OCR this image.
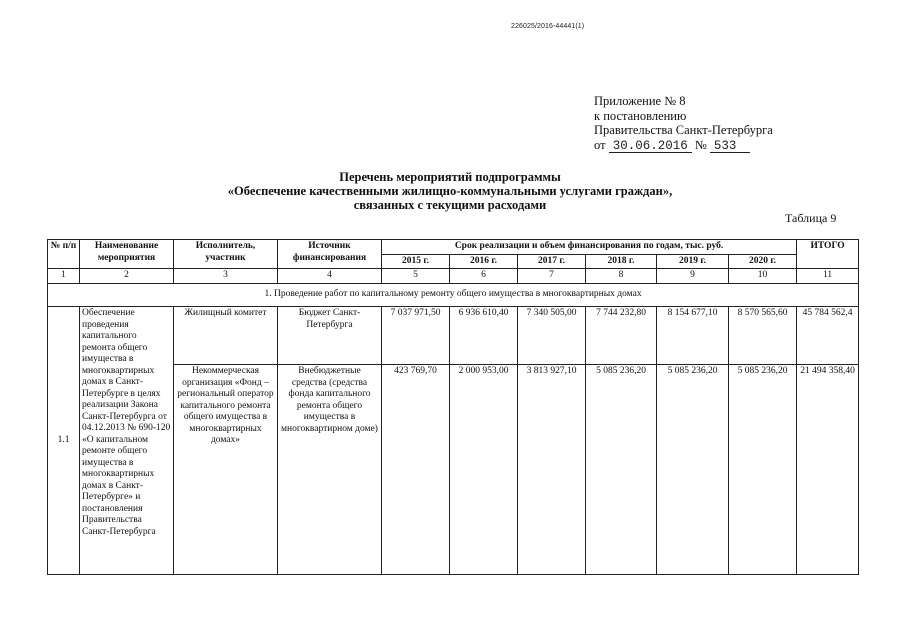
226025/2016-44441(1)
Приложение № 8
к постановлению
Правительства Санкт-Петербурга
от 30.06.2016 № 533
Перечень мероприятий подпрограммы
«Обеспечение качественными жилищно-коммунальными услугами граждан»,
связанных с текущими расходами
Таблица 9
№ п/п	Наименование мероприятия	Исполнитель, участник	Источник финансирования	Срок реализации и объем финансирования по годам, тыс. руб.						ИТОГО
				2015 г.	2016 г.	2017 г.	2018 г.	2019 г.	2020 г.	
1	2	3	4	5	6	7	8	9	10	11
1. Проведение работ по капитальному ремонту общего имущества в многоквартирных домах										
1.1	Обеспечение проведения капитального ремонта общего имущества в многоквартирных домах в Санкт-Петербурге в целях реализации Закона Санкт-Петербурга от 04.12.2013 № 690-120 «О капитальном ремонте общего имущества в многоквартирных домах в Санкт-Петербурге» и постановления Правительства Санкт-Петербурга	Жилищный комитет	Бюджет Санкт-Петербурга	7 037 971,50	6 936 610,40	7 340 505,00	7 744 232,80	8 154 677,10	8 570 565,60	45 784 562,4
		Некоммерческая организация «Фонд – региональный оператор капитального ремонта общего имущества в многоквартирных домах»	Внебюджетные средства (средства фонда капитального ремонта общего имущества в многоквартирном доме)	423 769,70	2 000 953,00	3 813 927,10	5 085 236,20	5 085 236,20	5 085 236,20	21 494 358,40
